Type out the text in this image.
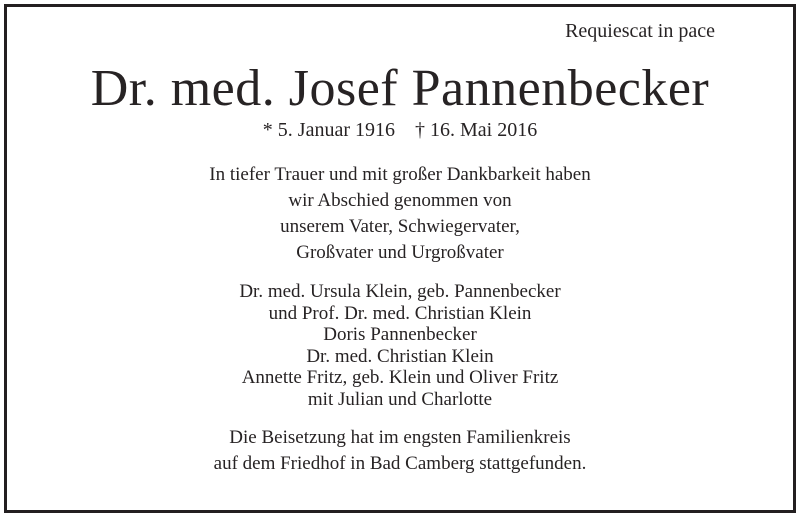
Requiescat in pace
Dr. med. Josef Pannenbecker
* 5. Januar 1916 † 16. Mai 2016
In tiefer Trauer und mit großer Dankbarkeit haben
wir Abschied genommen von
unserem Vater, Schwiegervater,
Großvater und Urgroßvater
Dr. med. Ursula Klein, geb. Pannenbecker
und Prof. Dr. med. Christian Klein
Doris Pannenbecker
Dr. med. Christian Klein
Annette Fritz, geb. Klein und Oliver Fritz
mit Julian und Charlotte
Die Beisetzung hat im engsten Familienkreis
auf dem Friedhof in Bad Camberg stattgefunden.
